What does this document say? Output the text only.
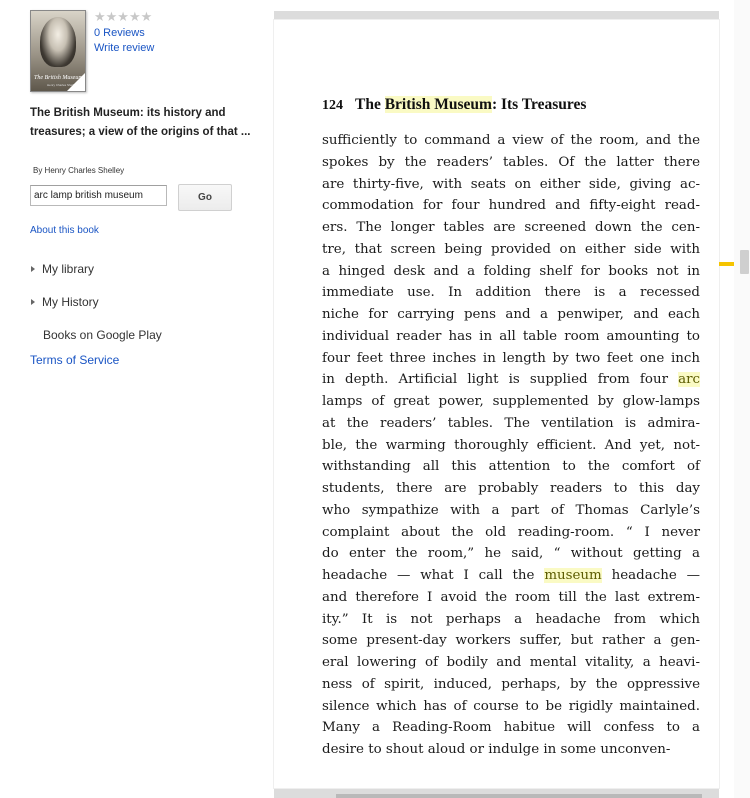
The British Museum
Henry Charles Shelley
★★★★★
0 Reviews
Write review
The British Museum: its history and treasures; a view of the origins of that ...
By Henry Charles Shelley
arc lamp british museum
Go
About this book
My library
My History
Books on Google Play
Terms of Service
124 The British Museum: Its Treasures
sufficiently to command a view of the room, and the
spokes by the readers’ tables. Of the latter there
are thirty-five, with seats on either side, giving ac-
commodation for four hundred and fifty-eight read-
ers. The longer tables are screened down the cen-
tre, that screen being provided on either side with
a hinged desk and a folding shelf for books not in
immediate use. In addition there is a recessed
niche for carrying pens and a penwiper, and each
individual reader has in all table room amounting to
four feet three inches in length by two feet one inch
in depth. Artificial light is supplied from four arc
lamps of great power, supplemented by glow-lamps
at the readers’ tables. The ventilation is admira-
ble, the warming thoroughly efficient. And yet, not-
withstanding all this attention to the comfort of
students, there are probably readers to this day
who sympathize with a part of Thomas Carlyle’s
complaint about the old reading-room. “ I never
do enter the room,” he said, “ without getting a
headache — what I call the museum headache —
and therefore I avoid the room till the last extrem-
ity.” It is not perhaps a headache from which
some present-day workers suffer, but rather a gen-
eral lowering of bodily and mental vitality, a heavi-
ness of spirit, induced, perhaps, by the oppressive
silence which has of course to be rigidly maintained.
Many a Reading-Room habitue will confess to a
desire to shout aloud or indulge in some unconven-
